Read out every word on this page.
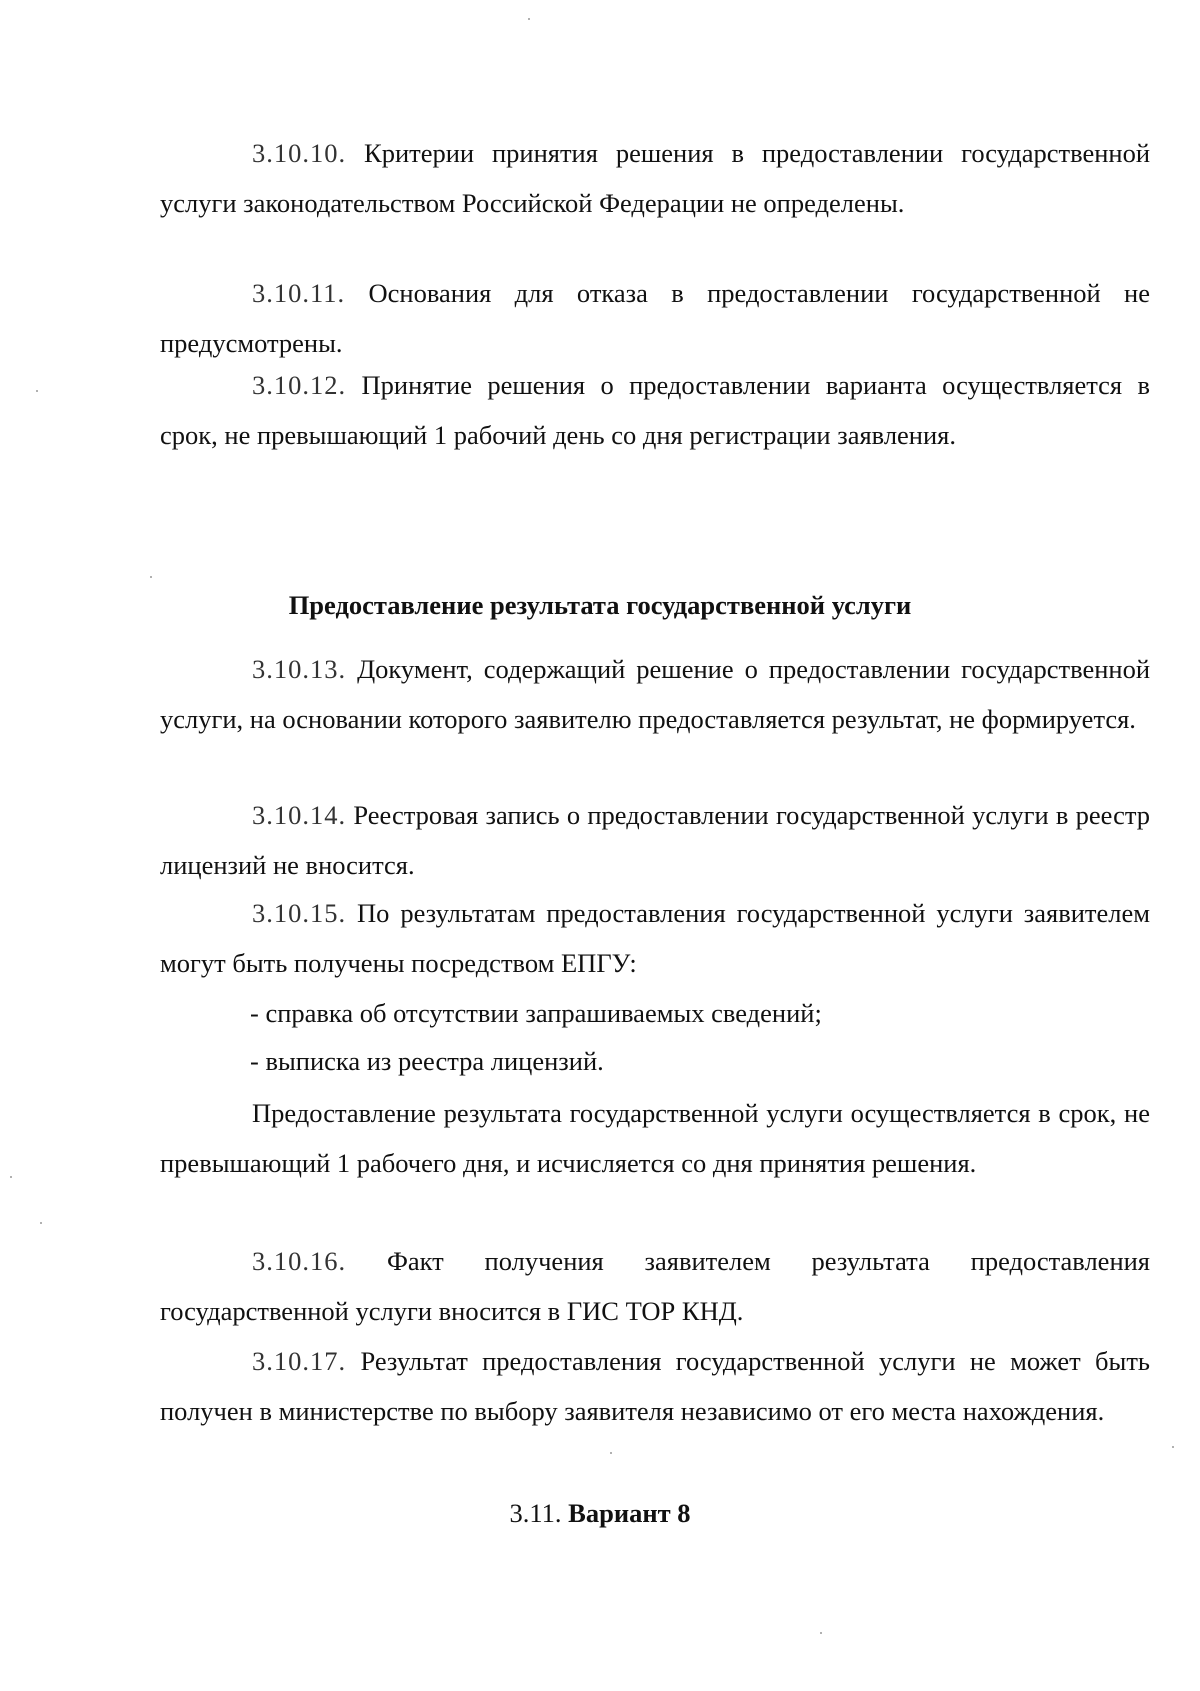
3.10.10. Критерии принятия решения в предоставлении государственной услуги законодательством Российской Федерации не определены.

3.10.11. Основания для отказа в предоставлении государственной не предусмотрены.

3.10.12. Принятие решения о предоставлении варианта осуществляется в срок, не превышающий 1 рабочий день со дня регистрации заявления.

Предоставление результата государственной услуги

3.10.13. Документ, содержащий решение о предоставлении государственной услуги, на основании которого заявителю предоставляется результат, не формируется.

3.10.14. Реестровая запись о предоставлении государственной услуги в реестр лицензий не вносится.

3.10.15. По результатам предоставления государственной услуги заявителем могут быть получены посредством ЕПГУ:

- справка об отсутствии запрашиваемых сведений;

- выписка из реестра лицензий.

Предоставление результата государственной услуги осуществляется в срок, не превышающий 1 рабочего дня, и исчисляется со дня принятия решения.

3.10.16. Факт получения заявителем результата предоставления государственной услуги вносится в ГИС ТОР КНД.

3.10.17. Результат предоставления государственной услуги не может быть получен в министерстве по выбору заявителя независимо от его места нахождения.

3.11. Вариант 8
